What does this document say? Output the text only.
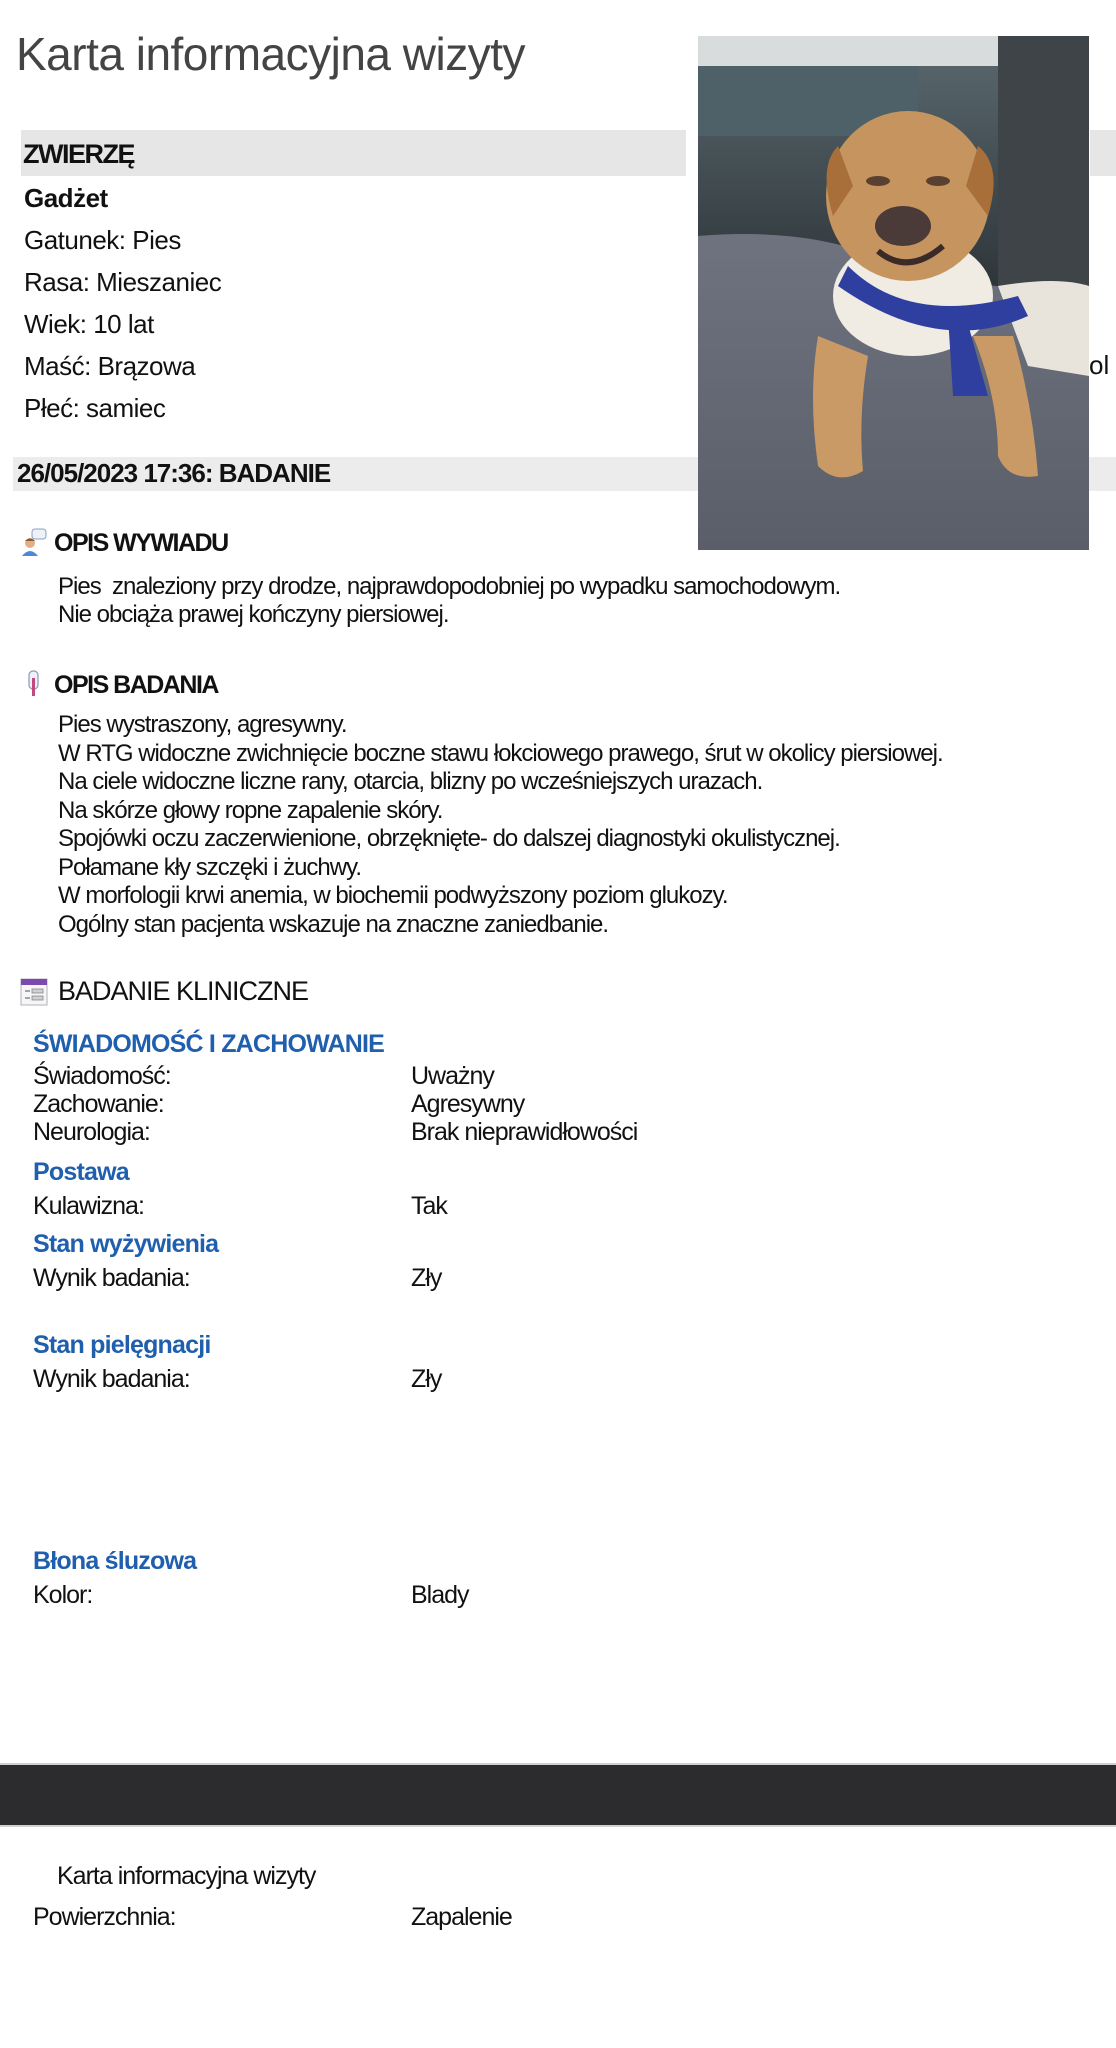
Karta informacyjna wizyty
ZWIERZĘ
Gadżet
Gatunek: Pies
Rasa: Mieszaniec
Wiek: 10 lat
Maść: Brązowa
Płeć: samiec
26/05/2023 17:36: BADANIE
ol
OPIS WYWIADU
Pies  znaleziony przy drodze, najprawdopodobniej po wypadku samochodowym.
Nie obciąża prawej kończyny piersiowej.
OPIS BADANIA
Pies wystraszony, agresywny.
W RTG widoczne zwichnięcie boczne stawu łokciowego prawego, śrut w okolicy piersiowej.
Na ciele widoczne liczne rany, otarcia, blizny po wcześniejszych urazach.
Na skórze głowy ropne zapalenie skóry.
Spojówki oczu zaczerwienione, obrzęknięte- do dalszej diagnostyki okulistycznej.
Połamane kły szczęki i żuchwy.
W morfologii krwi anemia, w biochemii podwyższony poziom glukozy.
Ogólny stan pacjenta wskazuje na znaczne zaniedbanie.
BADANIE KLINICZNE
ŚWIADOMOŚĆ I ZACHOWANIE
Świadomość:	Uważny
Zachowanie:	Agresywny
Neurologia:	Brak nieprawidłowości
Postawa
Kulawizna:	Tak
Stan wyżywienia
Wynik badania:	Zły
Stan pielęgnacji
Wynik badania:	Zły
Błona śluzowa
Kolor:	Blady
Karta informacyjna wizyty
Powierzchnia:	Zapalenie
